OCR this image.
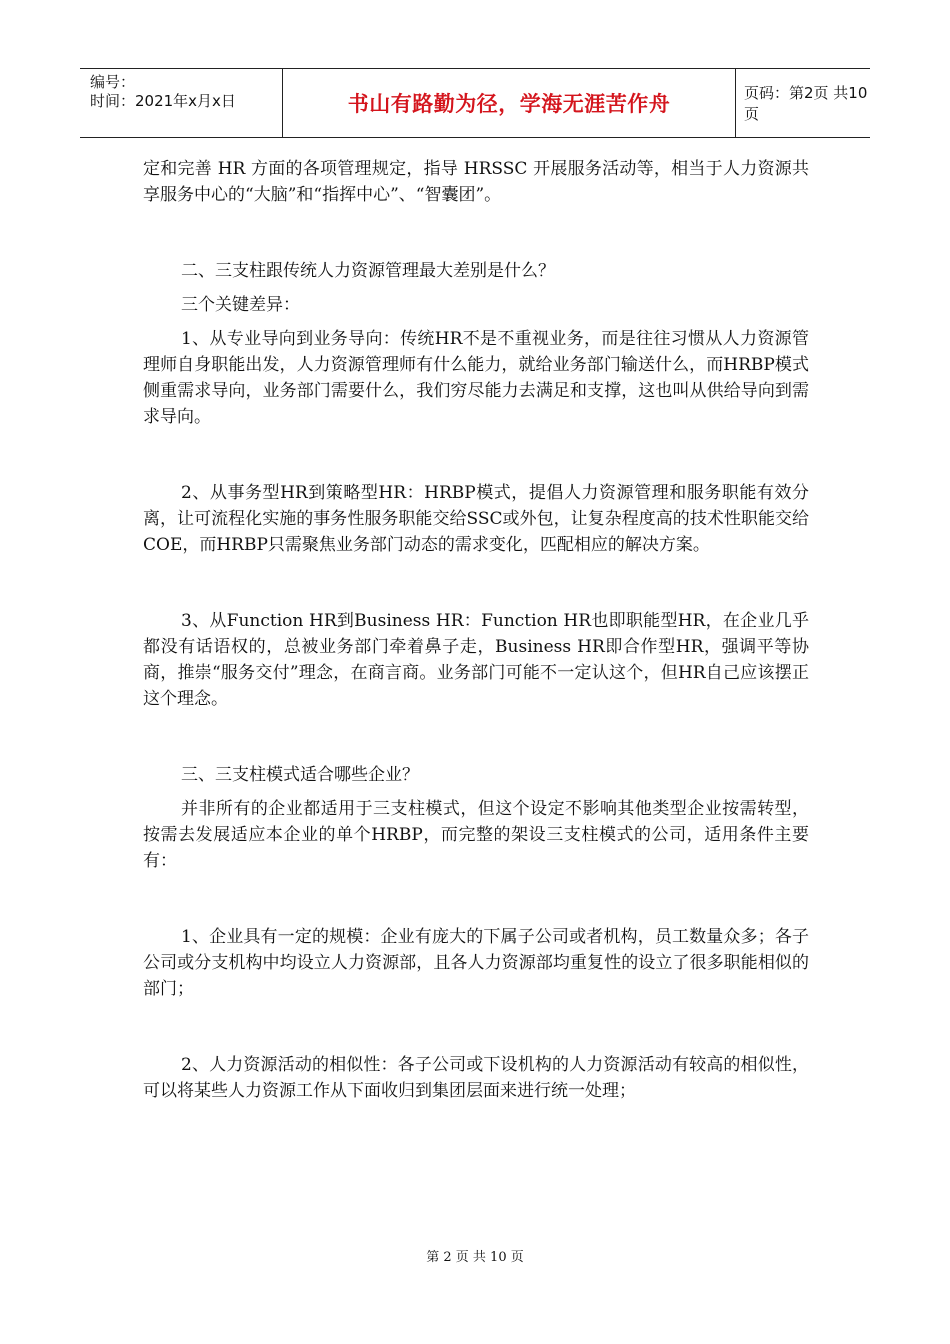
编号：
时间：2021年x月x日	书山有路勤为径，学海无涯苦作舟	页码：第2页 共10页

定和完善 HR 方面的各项管理规定，指导 HRSSC 开展服务活动等，相当于人力资源共享服务中心的“大脑”和“指挥中心”、“智囊团”。

二、三支柱跟传统人力资源管理最大差别是什么？

三个关键差异：

1、从专业导向到业务导向：传统HR不是不重视业务，而是往往习惯从人力资源管理师自身职能出发，人力资源管理师有什么能力，就给业务部门输送什么，而HRBP模式侧重需求导向，业务部门需要什么，我们穷尽能力去满足和支撑，这也叫从供给导向到需求导向。

2、从事务型HR到策略型HR：HRBP模式，提倡人力资源管理和服务职能有效分离，让可流程化实施的事务性服务职能交给SSC或外包，让复杂程度高的技术性职能交给COE，而HRBP只需聚焦业务部门动态的需求变化，匹配相应的解决方案。

3、从Function HR到Business HR：Function HR也即职能型HR，在企业几乎都没有话语权的，总被业务部门牵着鼻子走，Business HR即合作型HR，强调平等协商，推崇“服务交付”理念，在商言商。业务部门可能不一定认这个，但HR自己应该摆正这个理念。

三、三支柱模式适合哪些企业？

并非所有的企业都适用于三支柱模式，但这个设定不影响其他类型企业按需转型，按需去发展适应本企业的单个HRBP，而完整的架设三支柱模式的公司，适用条件主要有：

1、企业具有一定的规模：企业有庞大的下属子公司或者机构，员工数量众多；各子公司或分支机构中均设立人力资源部，且各人力资源部均重复性的设立了很多职能相似的部门；

2、人力资源活动的相似性：各子公司或下设机构的人力资源活动有较高的相似性，可以将某些人力资源工作从下面收归到集团层面来进行统一处理；

第 2 页 共 10 页
